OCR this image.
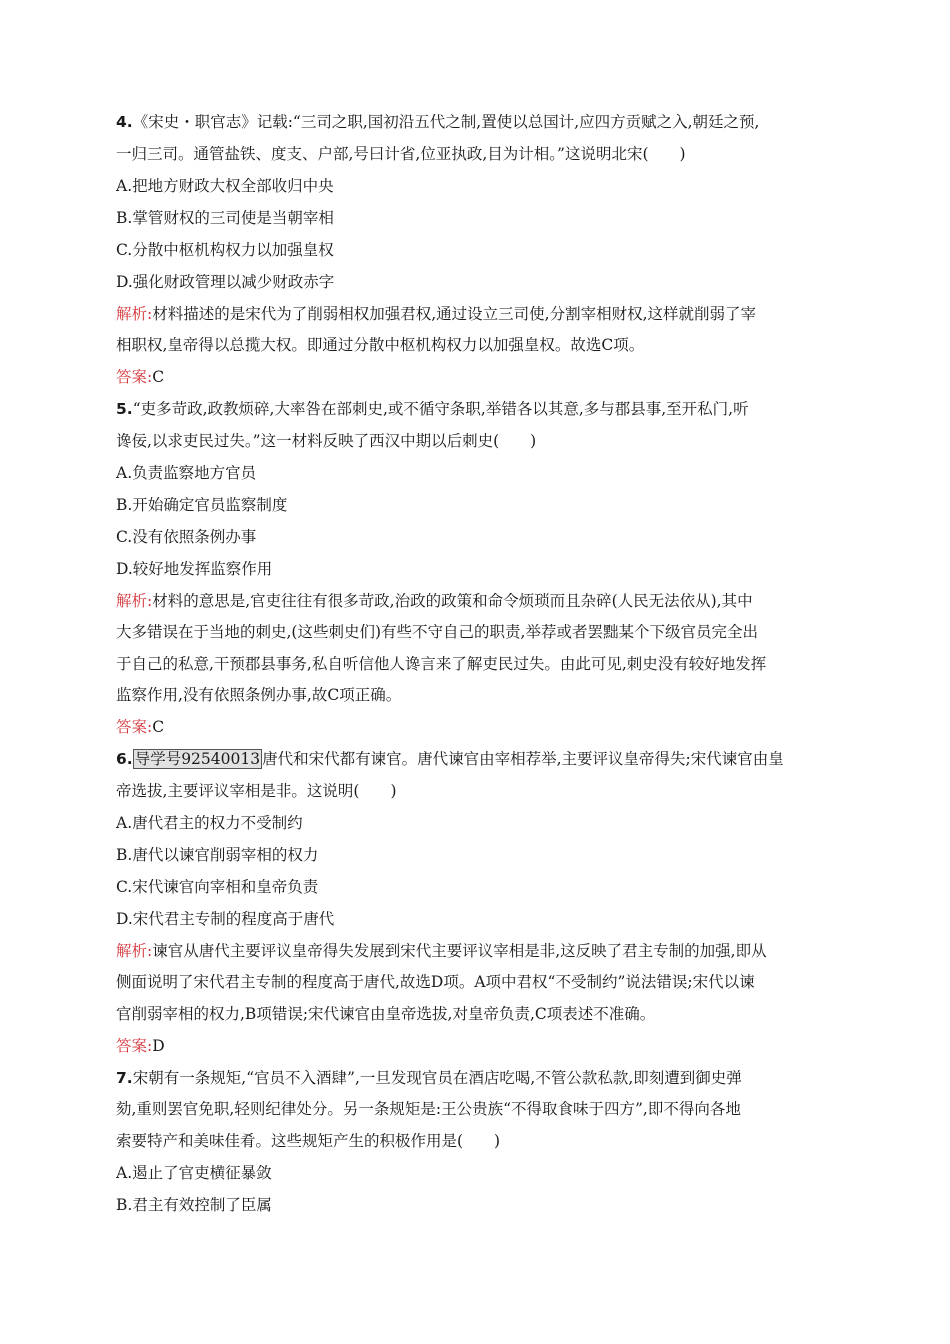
4.《宋史・职官志》记载:“三司之职,国初沿五代之制,置使以总国计,应四方贡赋之入,朝廷之预,
一归三司。通管盐铁、度支、户部,号曰计省,位亚执政,目为计相。”这说明北宋(　　)
A.把地方财政大权全部收归中央
B.掌管财权的三司使是当朝宰相
C.分散中枢机构权力以加强皇权
D.强化财政管理以减少财政赤字
解析:材料描述的是宋代为了削弱相权加强君权,通过设立三司使,分割宰相财权,这样就削弱了宰
相职权,皇帝得以总揽大权。即通过分散中枢机构权力以加强皇权。故选C项。
答案:C
5.“吏多苛政,政教烦碎,大率咎在部刺史,或不循守条职,举错各以其意,多与郡县事,至开私门,听
谗佞,以求吏民过失。”这一材料反映了西汉中期以后刺史(　　)
A.负责监察地方官员
B.开始确定官员监察制度
C.没有依照条例办事
D.较好地发挥监察作用
解析:材料的意思是,官吏往往有很多苛政,治政的政策和命令烦琐而且杂碎(人民无法依从),其中
大多错误在于当地的刺史,(这些刺史们)有些不守自己的职责,举荐或者罢黜某个下级官员完全出
于自己的私意,干预郡县事务,私自听信他人谗言来了解吏民过失。由此可见,刺史没有较好地发挥
监察作用,没有依照条例办事,故C项正确。
答案:C
6. 导学号92540013 唐代和宋代都有谏官。唐代谏官由宰相荐举,主要评议皇帝得失;宋代谏官由皇
帝选拔,主要评议宰相是非。这说明(　　)
A.唐代君主的权力不受制约
B.唐代以谏官削弱宰相的权力
C.宋代谏官向宰相和皇帝负责
D.宋代君主专制的程度高于唐代
解析:谏官从唐代主要评议皇帝得失发展到宋代主要评议宰相是非,这反映了君主专制的加强,即从
侧面说明了宋代君主专制的程度高于唐代,故选D项。A项中君权“不受制约”说法错误;宋代以谏
官削弱宰相的权力,B项错误;宋代谏官由皇帝选拔,对皇帝负责,C项表述不准确。
答案:D
7.宋朝有一条规矩,“官员不入酒肆”,一旦发现官员在酒店吃喝,不管公款私款,即刻遭到御史弹
劾,重则罢官免职,轻则纪律处分。另一条规矩是:王公贵族“不得取食味于四方”,即不得向各地
索要特产和美味佳肴。这些规矩产生的积极作用是(　　)
A.遏止了官吏横征暴敛
B.君主有效控制了臣属
